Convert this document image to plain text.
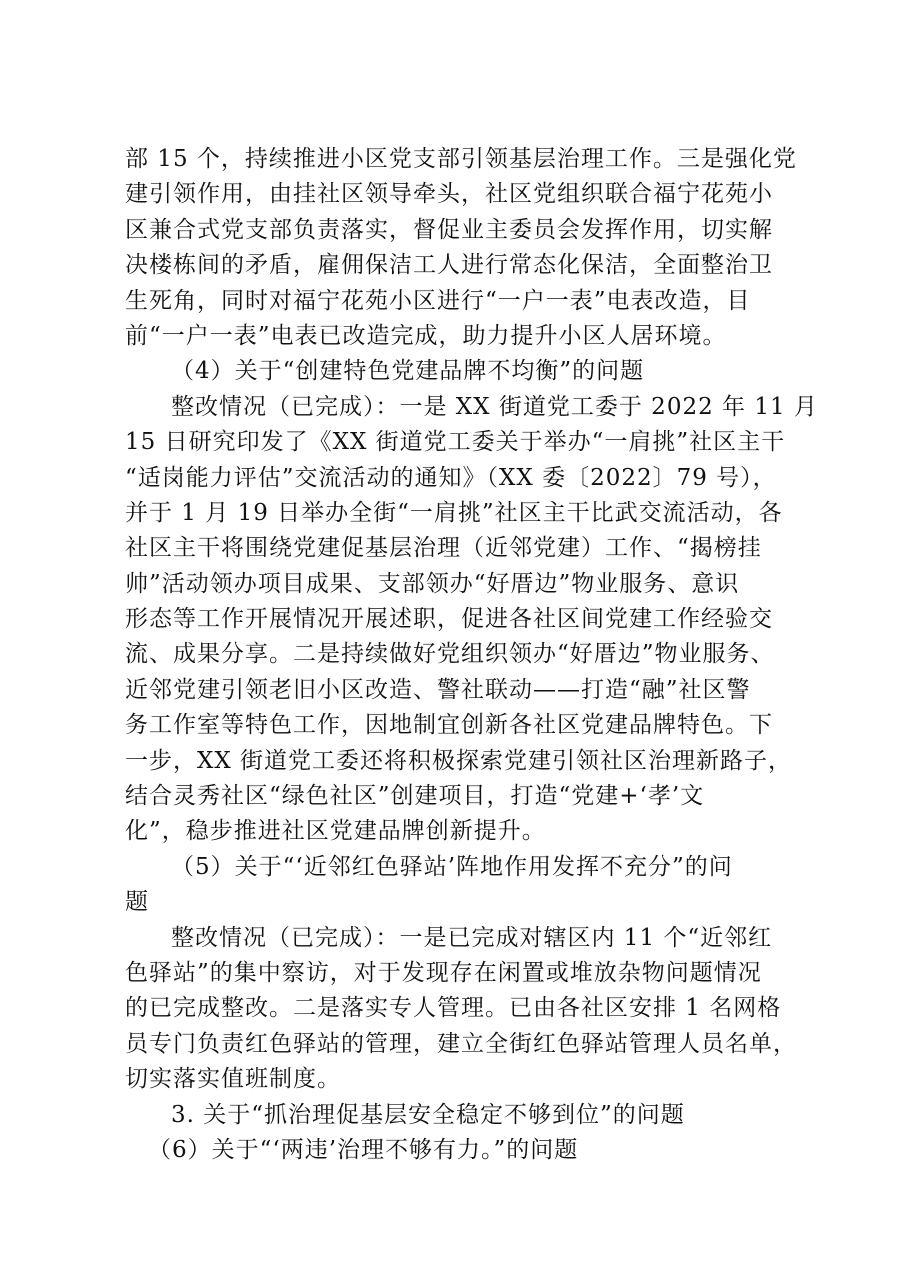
部 15 个，持续推进小区党支部引领基层治理工作。三是强化党
建引领作用，由挂社区领导牵头，社区党组织联合福宁花苑小
区兼合式党支部负责落实，督促业主委员会发挥作用，切实解
决楼栋间的矛盾，雇佣保洁工人进行常态化保洁，全面整治卫
生死角，同时对福宁花苑小区进行“一户一表”电表改造，目
前“一户一表”电表已改造完成，助力提升小区人居环境。
（4）关于“创建特色党建品牌不均衡”的问题
整改情况（已完成）：一是 XX 街道党工委于 2022 年 11 月
15 日研究印发了《XX 街道党工委关于举办“一肩挑”社区主干
“适岗能力评估”交流活动的通知》（XX 委〔2022〕79 号），
并于 1 月 19 日举办全街“一肩挑”社区主干比武交流活动，各
社区主干将围绕党建促基层治理（近邻党建）工作、“揭榜挂
帅”活动领办项目成果、支部领办“好厝边”物业服务、意识
形态等工作开展情况开展述职，促进各社区间党建工作经验交
流、成果分享。二是持续做好党组织领办“好厝边”物业服务、
近邻党建引领老旧小区改造、警社联动——打造“融”社区警
务工作室等特色工作，因地制宜创新各社区党建品牌特色。下
一步，XX 街道党工委还将积极探索党建引领社区治理新路子，
结合灵秀社区“绿色社区”创建项目，打造“党建+‘孝’文
化”，稳步推进社区党建品牌创新提升。
（5）关于“‘近邻红色驿站’阵地作用发挥不充分”的问
题
整改情况（已完成）：一是已完成对辖区内 11 个“近邻红
色驿站”的集中察访，对于发现存在闲置或堆放杂物问题情况
的已完成整改。二是落实专人管理。已由各社区安排 1 名网格
员专门负责红色驿站的管理，建立全街红色驿站管理人员名单，
切实落实值班制度。
3. 关于“抓治理促基层安全稳定不够到位”的问题
（6）关于“‘两违’治理不够有力。”的问题
